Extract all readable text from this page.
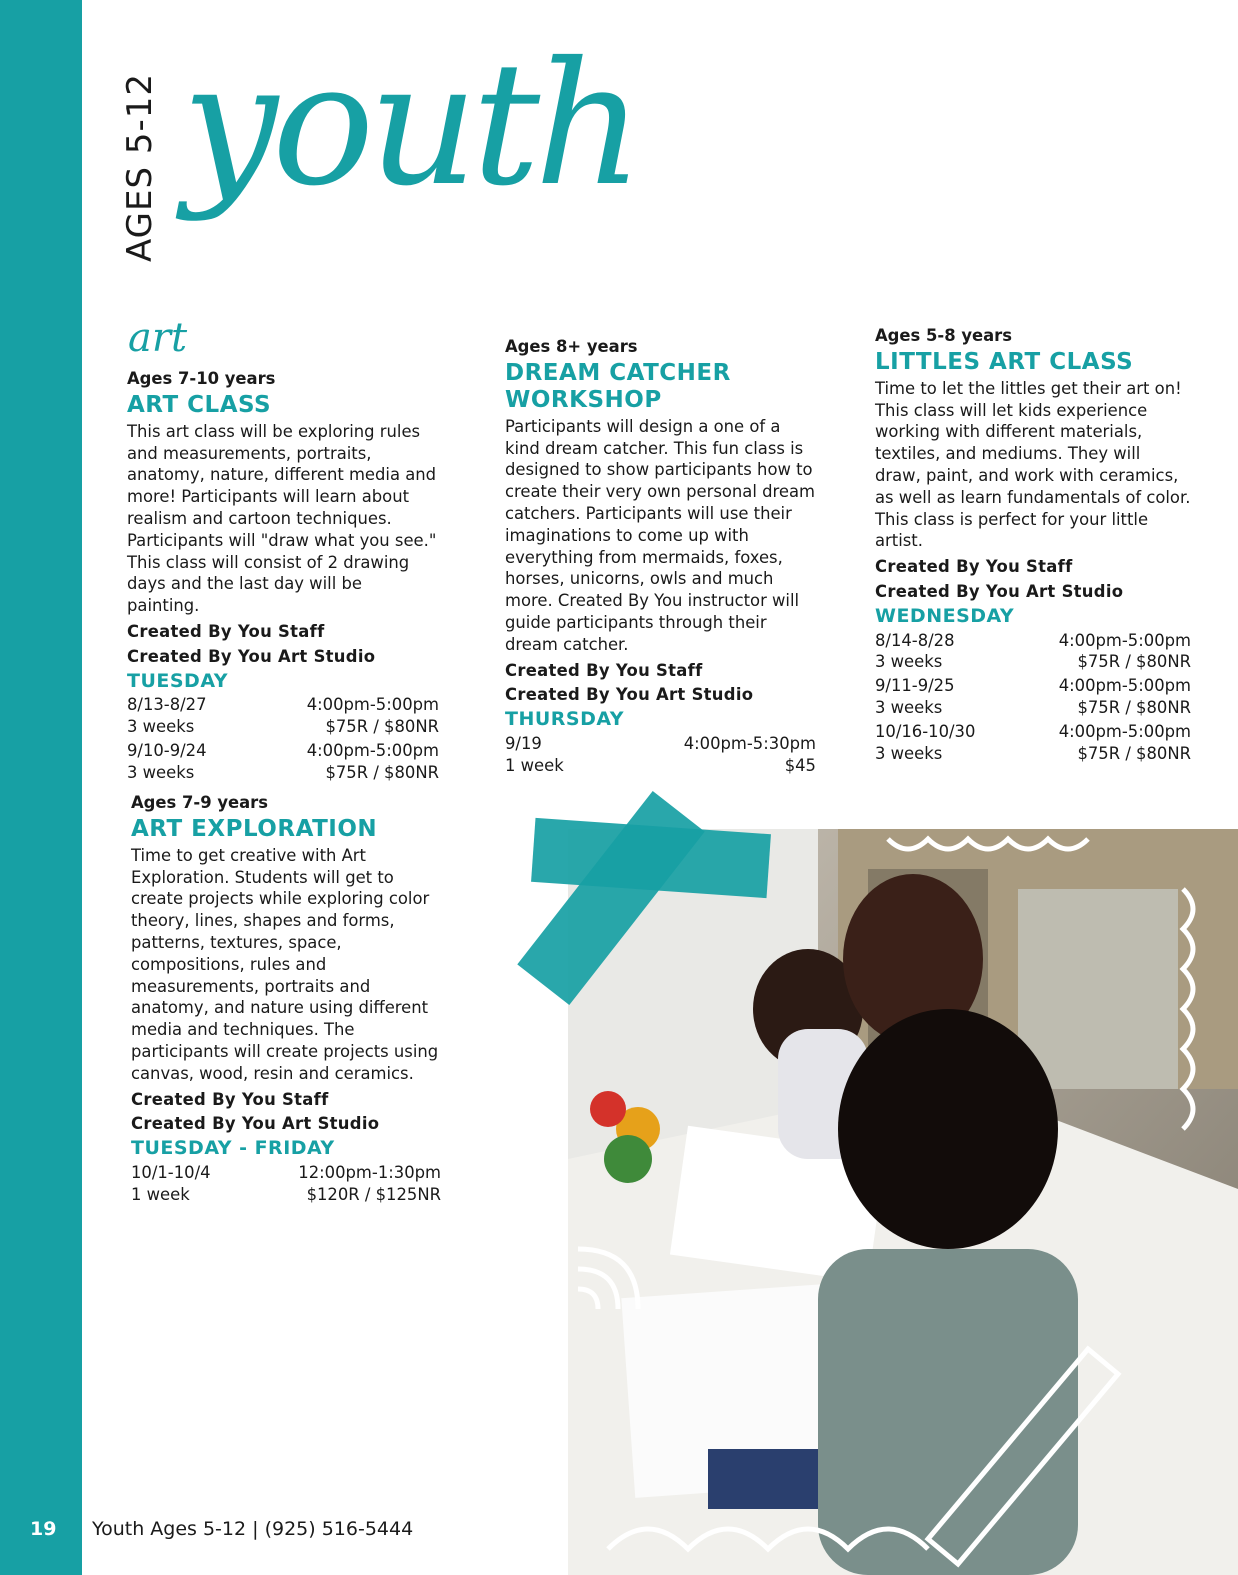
19 Youth Ages 5-12 | (925) 516-5444
AGES 5-12 youth
art
Ages 7-10 years
ART CLASS
This art class will be exploring rules and measurements, portraits, anatomy, nature, different media and more! Participants will learn about realism and cartoon techniques. Participants will "draw what you see." This class will consist of 2 drawing days and the last day will be painting.
Created By You Staff
Created By You Art Studio
TUESDAY
8/13-8/27	4:00pm-5:00pm
3 weeks	$75R / $80NR
9/10-9/24	4:00pm-5:00pm
3 weeks	$75R / $80NR
Ages 8+ years
DREAM CATCHER WORKSHOP
Participants will design a one of a kind dream catcher. This fun class is designed to show participants how to create their very own personal dream catchers. Participants will use their imaginations to come up with everything from mermaids, foxes, horses, unicorns, owls and much more. Created By You instructor will guide participants through their dream catcher.
Created By You Staff
Created By You Art Studio
THURSDAY
9/19	4:00pm-5:30pm
1 week	$45
Ages 5-8 years
LITTLES ART CLASS
Time to let the littles get their art on! This class will let kids experience working with different materials, textiles, and mediums. They will draw, paint, and work with ceramics, as well as learn fundamentals of color. This class is perfect for your little artist.
Created By You Staff
Created By You Art Studio
WEDNESDAY
8/14-8/28	4:00pm-5:00pm
3 weeks	$75R / $80NR
9/11-9/25	4:00pm-5:00pm
3 weeks	$75R / $80NR
10/16-10/30	4:00pm-5:00pm
3 weeks	$75R / $80NR
Ages 7-9 years
ART EXPLORATION
Time to get creative with Art Exploration. Students will get to create projects while exploring color theory, lines, shapes and forms, patterns, textures, space, compositions, rules and measurements, portraits and anatomy, and nature using different media and techniques. The participants will create projects using canvas, wood, resin and ceramics.
Created By You Staff
Created By You Art Studio
TUESDAY - FRIDAY
10/1-10/4	12:00pm-1:30pm
1 week	$120R / $125NR
